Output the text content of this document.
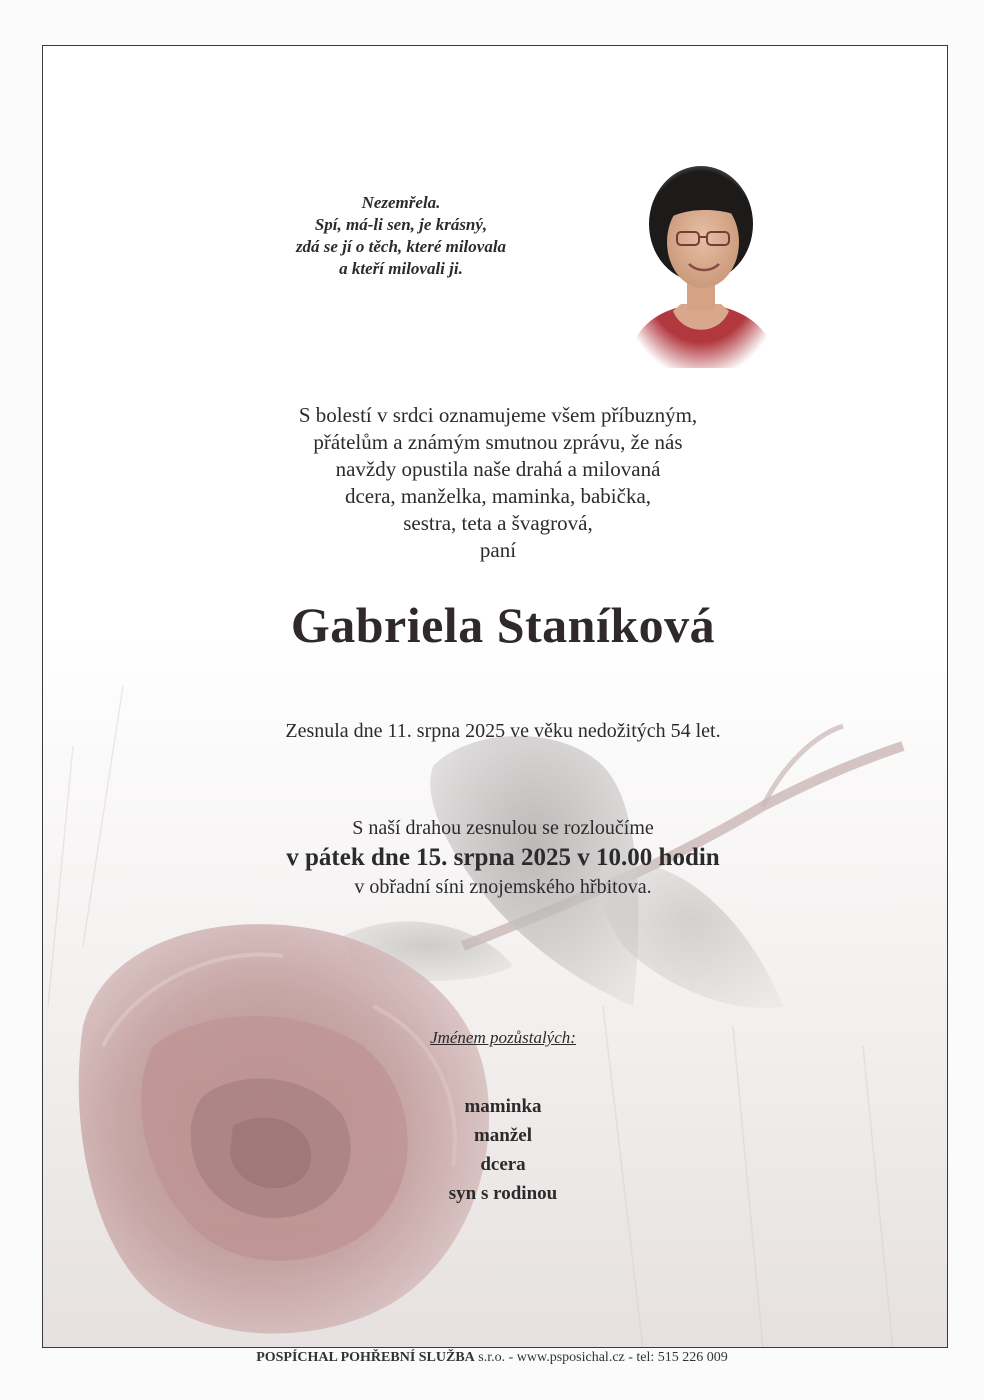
Nezemřela.
Spí, má-li sen, je krásný,
zdá se jí o těch, které milovala
a kteří milovali ji.
S bolestí v srdci oznamujeme všem příbuzným,
přátelům a známým smutnou zprávu, že nás
navždy opustila naše drahá a milovaná
dcera, manželka, maminka, babička,
sestra, teta a švagrová,
paní
Gabriela Staníková
Zesnula dne 11. srpna 2025 ve věku nedožitých 54 let.
S naší drahou zesnulou se rozloučíme
v pátek dne 15. srpna 2025 v 10.00 hodin
v obřadní síni znojemského hřbitova.
Jménem pozůstalých:
maminka
manžel
dcera
syn s rodinou
POSPÍCHAL POHŘEBNÍ SLUŽBA s.r.o. - www.psposichal.cz - tel: 515 226 009
